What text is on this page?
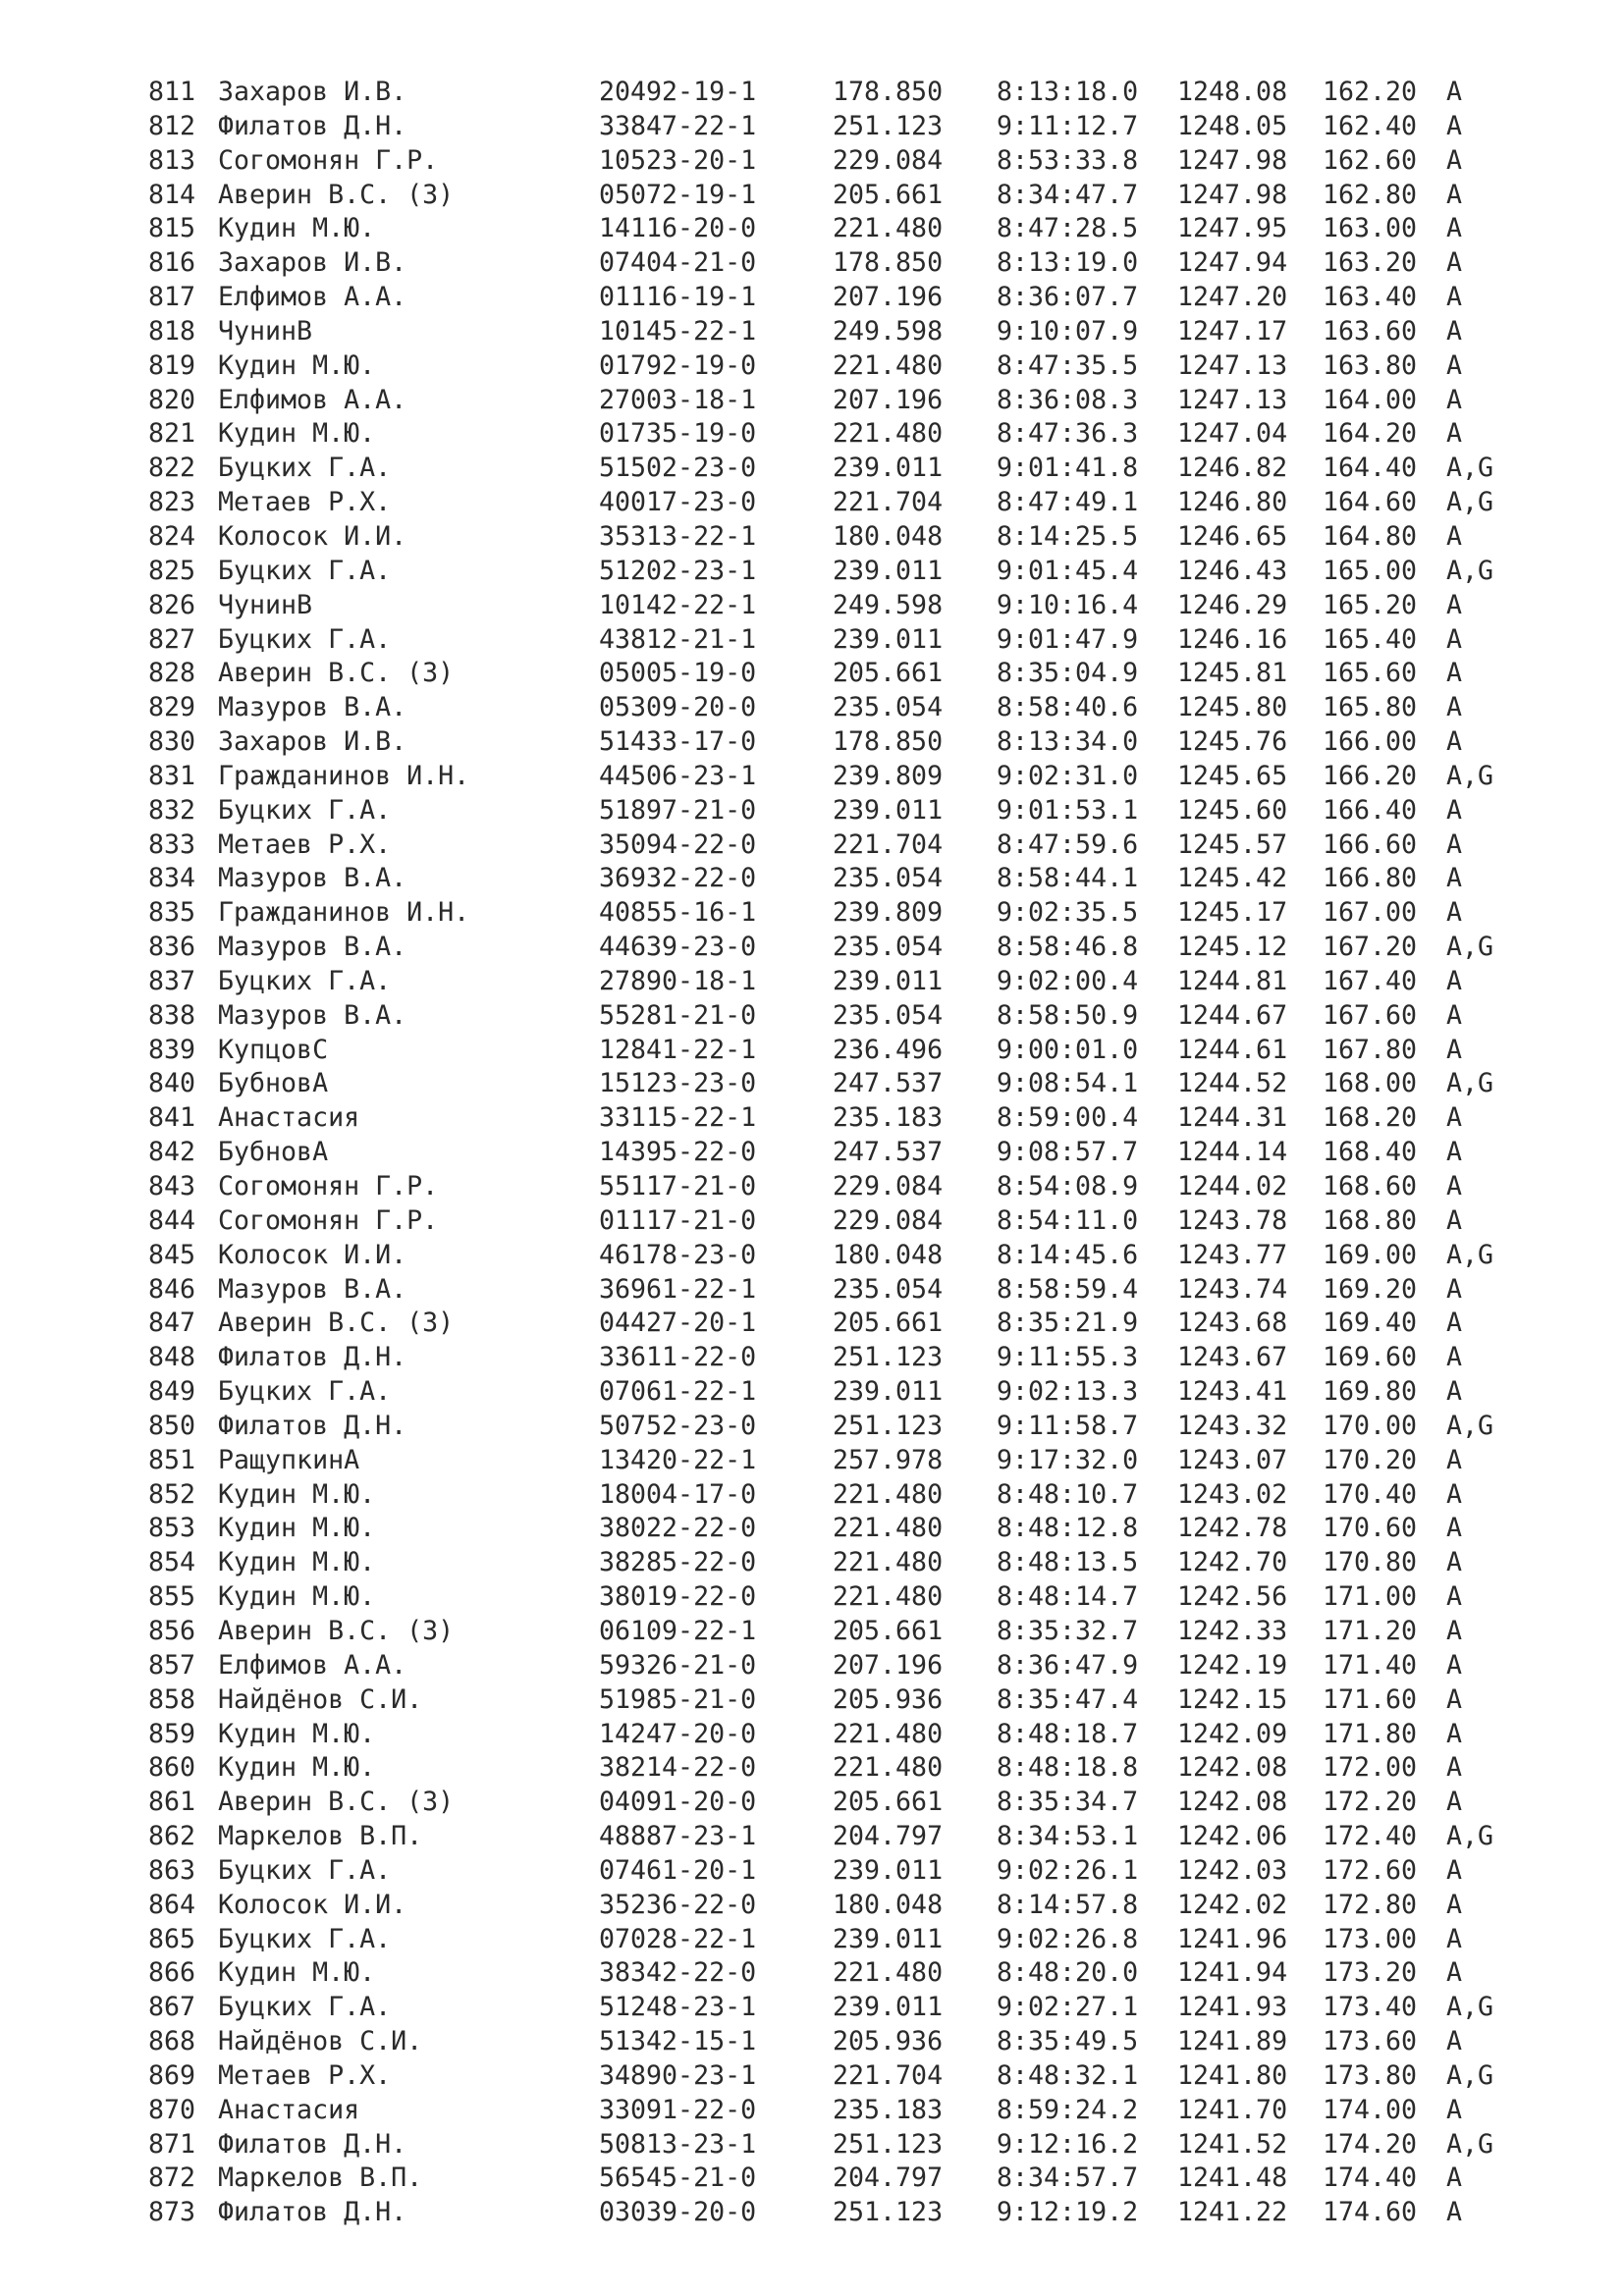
811 Захаров И.В.	20492-19-1	178.850 8:13:18.0 1248.08 162.20 A
812 Филатов Д.Н.	33847-22-1	251.123 9:11:12.7 1248.05 162.40 A
813 Согомонян Г.Р.	10523-20-1	229.084 8:53:33.8 1247.98 162.60 A
814 Аверин В.С. (З)	05072-19-1	205.661 8:34:47.7 1247.98 162.80 A
815 Кудин М.Ю.	14116-20-0	221.480 8:47:28.5 1247.95 163.00 A
816 Захаров И.В.	07404-21-0	178.850 8:13:19.0 1247.94 163.20 A
817 Елфимов А.А.	01116-19-1	207.196 8:36:07.7 1247.20 163.40 A
818 ЧунинВ	10145-22-1	249.598 9:10:07.9 1247.17 163.60 A
819 Кудин М.Ю.	01792-19-0	221.480 8:47:35.5 1247.13 163.80 A
820 Елфимов А.А.	27003-18-1	207.196 8:36:08.3 1247.13 164.00 A
821 Кудин М.Ю.	01735-19-0	221.480 8:47:36.3 1247.04 164.20 A
822 Буцких Г.А.	51502-23-0	239.011 9:01:41.8 1246.82 164.40 A,G
823 Метаев Р.Х.	40017-23-0	221.704 8:47:49.1 1246.80 164.60 A,G
824 Колосок И.И.	35313-22-1	180.048 8:14:25.5 1246.65 164.80 A
825 Буцких Г.А.	51202-23-1	239.011 9:01:45.4 1246.43 165.00 A,G
826 ЧунинВ	10142-22-1	249.598 9:10:16.4 1246.29 165.20 A
827 Буцких Г.А.	43812-21-1	239.011 9:01:47.9 1246.16 165.40 A
828 Аверин В.С. (З)	05005-19-0	205.661 8:35:04.9 1245.81 165.60 A
829 Мазуров В.А.	05309-20-0	235.054 8:58:40.6 1245.80 165.80 A
830 Захаров И.В.	51433-17-0	178.850 8:13:34.0 1245.76 166.00 A
831 Гражданинов И.Н.	44506-23-1	239.809 9:02:31.0 1245.65 166.20 A,G
832 Буцких Г.А.	51897-21-0	239.011 9:01:53.1 1245.60 166.40 A
833 Метаев Р.Х.	35094-22-0	221.704 8:47:59.6 1245.57 166.60 A
834 Мазуров В.А.	36932-22-0	235.054 8:58:44.1 1245.42 166.80 A
835 Гражданинов И.Н.	40855-16-1	239.809 9:02:35.5 1245.17 167.00 A
836 Мазуров В.А.	44639-23-0	235.054 8:58:46.8 1245.12 167.20 A,G
837 Буцких Г.А.	27890-18-1	239.011 9:02:00.4 1244.81 167.40 A
838 Мазуров В.А.	55281-21-0	235.054 8:58:50.9 1244.67 167.60 A
839 КупцовС	12841-22-1	236.496 9:00:01.0 1244.61 167.80 A
840 БубновА	15123-23-0	247.537 9:08:54.1 1244.52 168.00 A,G
841 Анастасия	33115-22-1	235.183 8:59:00.4 1244.31 168.20 A
842 БубновА	14395-22-0	247.537 9:08:57.7 1244.14 168.40 A
843 Согомонян Г.Р.	55117-21-0	229.084 8:54:08.9 1244.02 168.60 A
844 Согомонян Г.Р.	01117-21-0	229.084 8:54:11.0 1243.78 168.80 A
845 Колосок И.И.	46178-23-0	180.048 8:14:45.6 1243.77 169.00 A,G
846 Мазуров В.А.	36961-22-1	235.054 8:58:59.4 1243.74 169.20 A
847 Аверин В.С. (З)	04427-20-1	205.661 8:35:21.9 1243.68 169.40 A
848 Филатов Д.Н.	33611-22-0	251.123 9:11:55.3 1243.67 169.60 A
849 Буцких Г.А.	07061-22-1	239.011 9:02:13.3 1243.41 169.80 A
850 Филатов Д.Н.	50752-23-0	251.123 9:11:58.7 1243.32 170.00 A,G
851 РащупкинА	13420-22-1	257.978 9:17:32.0 1243.07 170.20 A
852 Кудин М.Ю.	18004-17-0	221.480 8:48:10.7 1243.02 170.40 A
853 Кудин М.Ю.	38022-22-0	221.480 8:48:12.8 1242.78 170.60 A
854 Кудин М.Ю.	38285-22-0	221.480 8:48:13.5 1242.70 170.80 A
855 Кудин М.Ю.	38019-22-0	221.480 8:48:14.7 1242.56 171.00 A
856 Аверин В.С. (З)	06109-22-1	205.661 8:35:32.7 1242.33 171.20 A
857 Елфимов А.А.	59326-21-0	207.196 8:36:47.9 1242.19 171.40 A
858 Найдёнов С.И.	51985-21-0	205.936 8:35:47.4 1242.15 171.60 A
859 Кудин М.Ю.	14247-20-0	221.480 8:48:18.7 1242.09 171.80 A
860 Кудин М.Ю.	38214-22-0	221.480 8:48:18.8 1242.08 172.00 A
861 Аверин В.С. (З)	04091-20-0	205.661 8:35:34.7 1242.08 172.20 A
862 Маркелов В.П.	48887-23-1	204.797 8:34:53.1 1242.06 172.40 A,G
863 Буцких Г.А.	07461-20-1	239.011 9:02:26.1 1242.03 172.60 A
864 Колосок И.И.	35236-22-0	180.048 8:14:57.8 1242.02 172.80 A
865 Буцких Г.А.	07028-22-1	239.011 9:02:26.8 1241.96 173.00 A
866 Кудин М.Ю.	38342-22-0	221.480 8:48:20.0 1241.94 173.20 A
867 Буцких Г.А.	51248-23-1	239.011 9:02:27.1 1241.93 173.40 A,G
868 Найдёнов С.И.	51342-15-1	205.936 8:35:49.5 1241.89 173.60 A
869 Метаев Р.Х.	34890-23-1	221.704 8:48:32.1 1241.80 173.80 A,G
870 Анастасия	33091-22-0	235.183 8:59:24.2 1241.70 174.00 A
871 Филатов Д.Н.	50813-23-1	251.123 9:12:16.2 1241.52 174.20 A,G
872 Маркелов В.П.	56545-21-0	204.797 8:34:57.7 1241.48 174.40 A
873 Филатов Д.Н.	03039-20-0	251.123 9:12:19.2 1241.22 174.60 A
